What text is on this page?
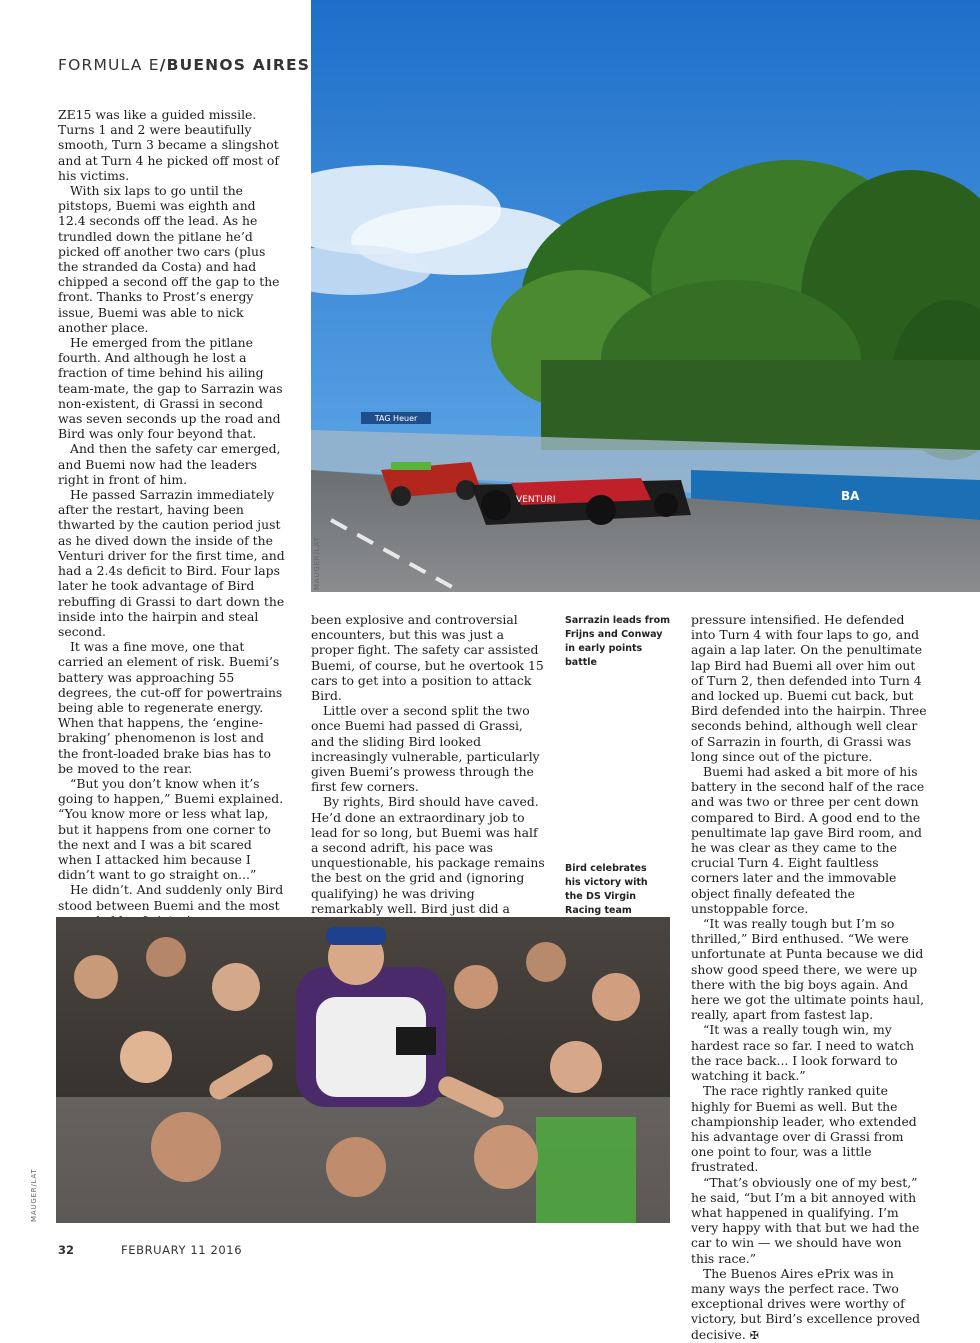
FORMULA E/BUENOS AIRES
TAG Heuer
BA
VENTURI
MAUGER/LAT

ZE15 was like a guided missile. Turns 1 and 2 were beautifully smooth, Turn 3 became a slingshot and at Turn 4 he picked off most of his victims.

With six laps to go until the pitstops, Buemi was eighth and 12.4 seconds off the lead. As he trundled down the pitlane he’d picked off another two cars (plus the stranded da Costa) and had chipped a second off the gap to the front. Thanks to Prost’s energy issue, Buemi was able to nick another place.

He emerged from the pitlane fourth. And although he lost a fraction of time behind his ailing team-mate, the gap to Sarrazin was non-existent, di Grassi in second was seven seconds up the road and Bird was only four beyond that.

And then the safety car emerged, and Buemi now had the leaders right in front of him.

He passed Sarrazin immediately after the restart, having been thwarted by the caution period just as he dived down the inside of the Venturi driver for the first time, and had a 2.4s deficit to Bird. Four laps later he took advantage of Bird rebuffing di Grassi to dart down the inside into the hairpin and steal second.

It was a fine move, one that carried an element of risk. Buemi’s battery was approaching 55 degrees, the cut-off for powertrains being able to regenerate energy. When that happens, the ‘engine-braking’ phenomenon is lost and the front-loaded brake bias has to be moved to the rear.

“But you don’t know when it’s going to happen,” Buemi explained. “You know more or less what lap, but it happens from one corner to the next and I was a bit scared when I attacked him because I didn’t want to go straight on...”

He didn’t. And suddenly only Bird stood between Buemi and the most

been explosive and controversial encounters, but this was just a proper fight. The safety car assisted Buemi, of course, but he overtook 15 cars to get into a position to attack Bird.

Little over a second split the two once Buemi had passed di Grassi, and the sliding Bird looked increasingly vulnerable, particularly given Buemi’s prowess through the first few corners.

By rights, Bird should have caved. He’d done an extraordinary job to lead for so long, but Buemi was half a second adrift, his pace was unquestionable, his package remains the best on the grid and (ignoring qualifying) he was driving remarkably well. Bird just did a

Sarrazin leads from Frijns and Conway in early points battle
Bird celebrates his victory with the DS Virgin Racing team

pressure intensified. He defended into Turn 4 with four laps to go, and again a lap later. On the penultimate lap Bird had Buemi all over him out of Turn 2, then defended into Turn 4 and locked up. Buemi cut back, but Bird defended into the hairpin. Three seconds behind, although well clear of Sarrazin in fourth, di Grassi was long since out of the picture.

Buemi had asked a bit more of his battery in the second half of the race and was two or three per cent down compared to Bird. A good end to the penultimate lap gave Bird room, and he was clear as they came to the crucial Turn 4. Eight faultless corners later and the immovable object finally defeated the unstoppable force.

“It was really tough but I’m so thrilled,” Bird enthused. “We were unfortunate at Punta because we did show good speed there, we were up there with the big boys again. And here we got the ultimate points haul, really, apart from fastest lap.

“It was a really tough win, my hardest race so far. I need to watch the race back... I look forward to watching it back.”

The race rightly ranked quite highly for Buemi as well. But the championship leader, who extended his advantage over di Grassi from one point to four, was a little frustrated.

“That’s obviously one of my best,” he said, “but I’m a bit annoyed with what happened in qualifying. I’m very happy with that but we had the car to win — we should have won this race.”

The Buenos Aires ePrix was in many ways the perfect race. Two exceptional drives were worthy of victory, but Bird’s excellence proved decisive. ✠

MAUGER/LAT
32	FEBRUARY 11 2016
